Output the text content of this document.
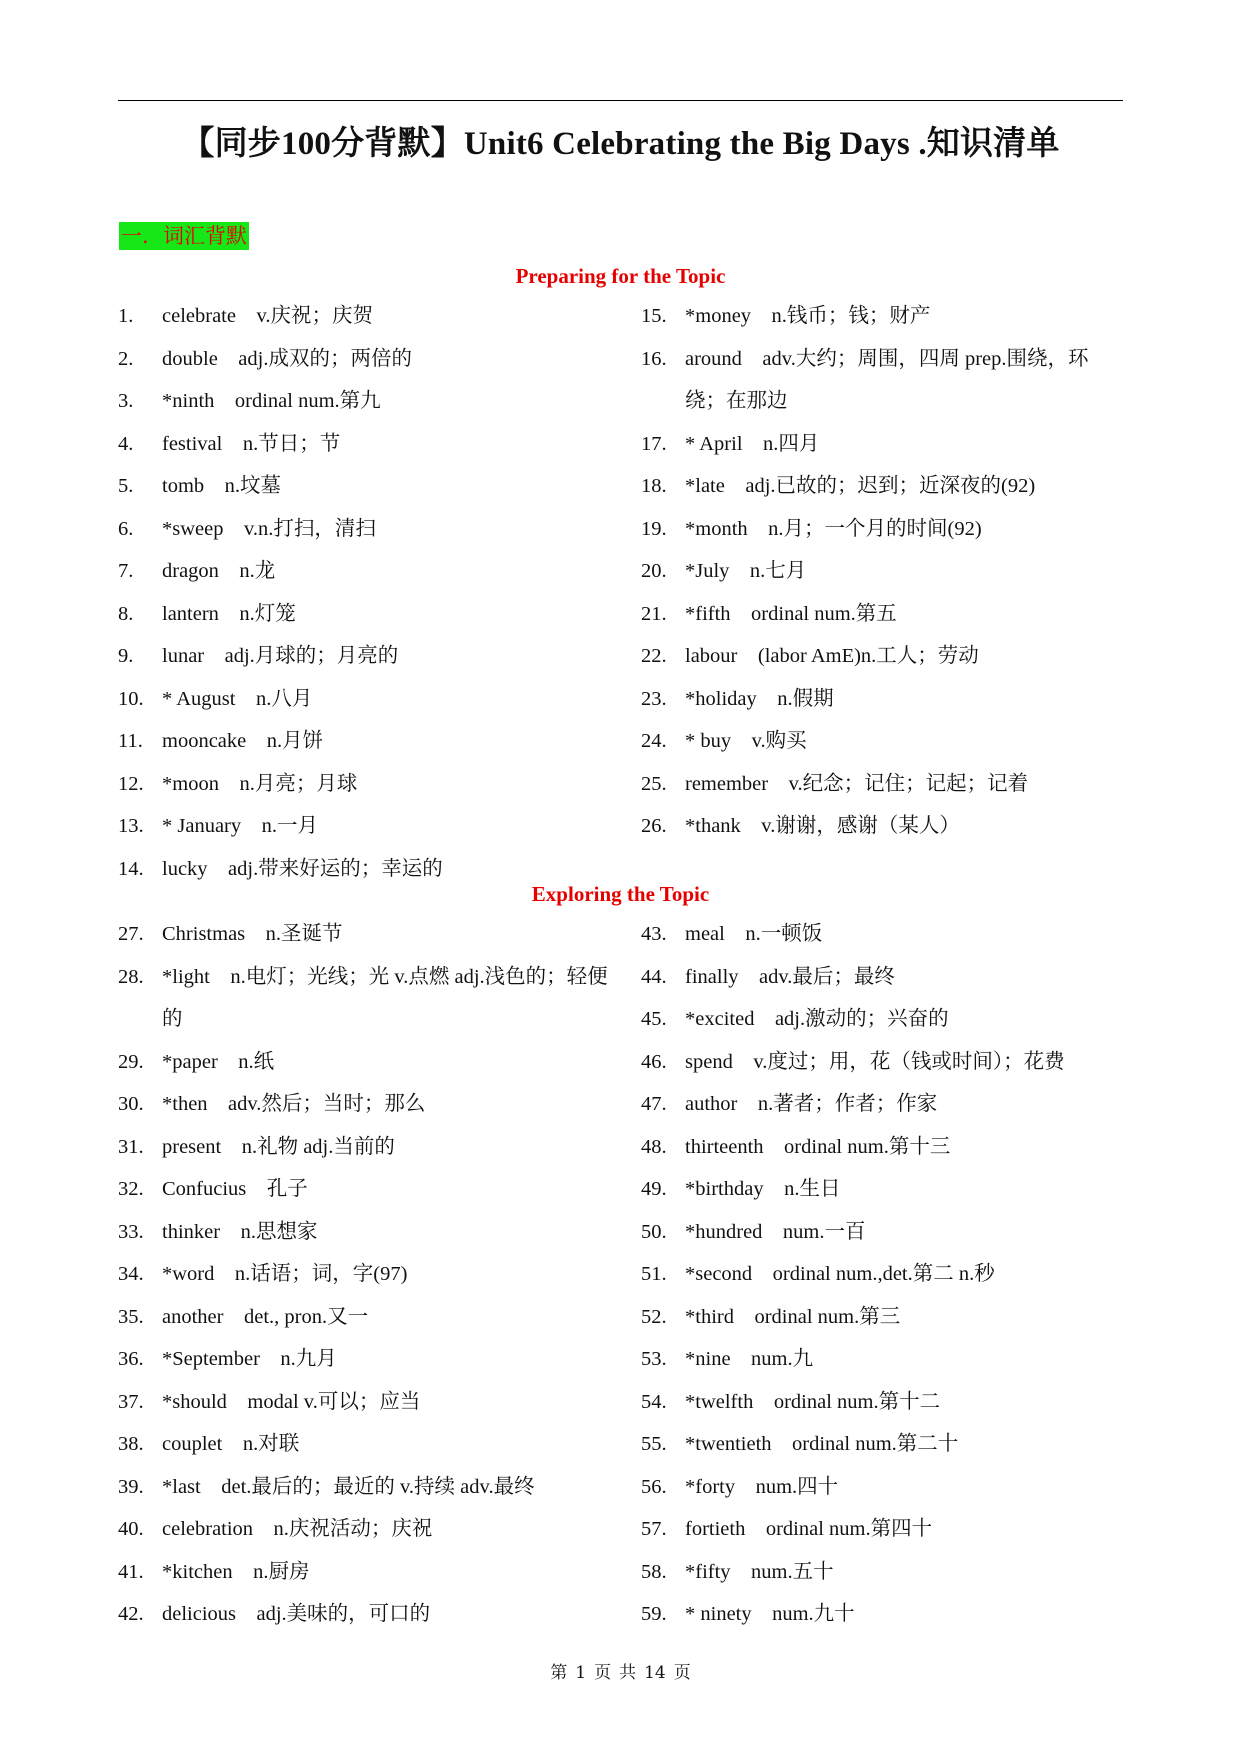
【同步100分背默】Unit6 Celebrating the Big Days .知识清单
一．词汇背默
Preparing for the Topic
1.	celebrate　v.庆祝；庆贺
2.	double　adj.成双的；两倍的
3.	*ninth　ordinal num.第九
4.	festival　n.节日；节
5.	tomb　n.坟墓
6.	*sweep　v.n.打扫，清扫
7.	dragon　n.龙
8.	lantern　n.灯笼
9.	lunar　adj.月球的；月亮的
10. * August　n.八月
11. mooncake　n.月饼
12. *moon　n.月亮；月球
13. * January　n.一月
14. lucky　adj.带来好运的；幸运的
15. *money　n.钱币；钱；财产
16. around　adv.大约；周围，四周 prep.围绕，环绕；在那边
17. * April　n.四月
18. *late　adj.已故的；迟到；近深夜的(92)
19. *month　n.月；一个月的时间(92)
20. *July　n.七月
21. *fifth　ordinal num.第五
22. labour　(labor AmE)n.工人；劳动
23. *holiday　n.假期
24. * buy　v.购买
25. remember　v.纪念；记住；记起；记着
26. *thank　v.谢谢，感谢（某人）
Exploring the Topic
27. Christmas　n.圣诞节
28. *light　n.电灯；光线；光 v.点燃 adj.浅色的；轻便的
29. *paper　n.纸
30. *then　adv.然后；当时；那么
31. present　n.礼物 adj.当前的
32. Confucius　孔子
33. thinker　n.思想家
34. *word　n.话语；词，字(97)
35. another　det., pron.又一
36. *September　n.九月
37. *should　modal v.可以；应当
38. couplet　n.对联
39. *last　det.最后的；最近的 v.持续 adv.最终
40. celebration　n.庆祝活动；庆祝
41. *kitchen　n.厨房
42. delicious　adj.美味的，可口的
43. meal　n.一顿饭
44. finally　adv.最后；最终
45. *excited　adj.激动的；兴奋的
46. spend　v.度过；用，花（钱或时间）；花费
47. author　n.著者；作者；作家
48. thirteenth　ordinal num.第十三
49. *birthday　n.生日
50. *hundred　num.一百
51. *second　ordinal num.,det.第二 n.秒
52. *third　ordinal num.第三
53. *nine　num.九
54. *twelfth　ordinal num.第十二
55. *twentieth　ordinal num.第二十
56. *forty　num.四十
57. fortieth　ordinal num.第四十
58. *fifty　num.五十
59. * ninety　num.九十
第 1 页 共 14 页
